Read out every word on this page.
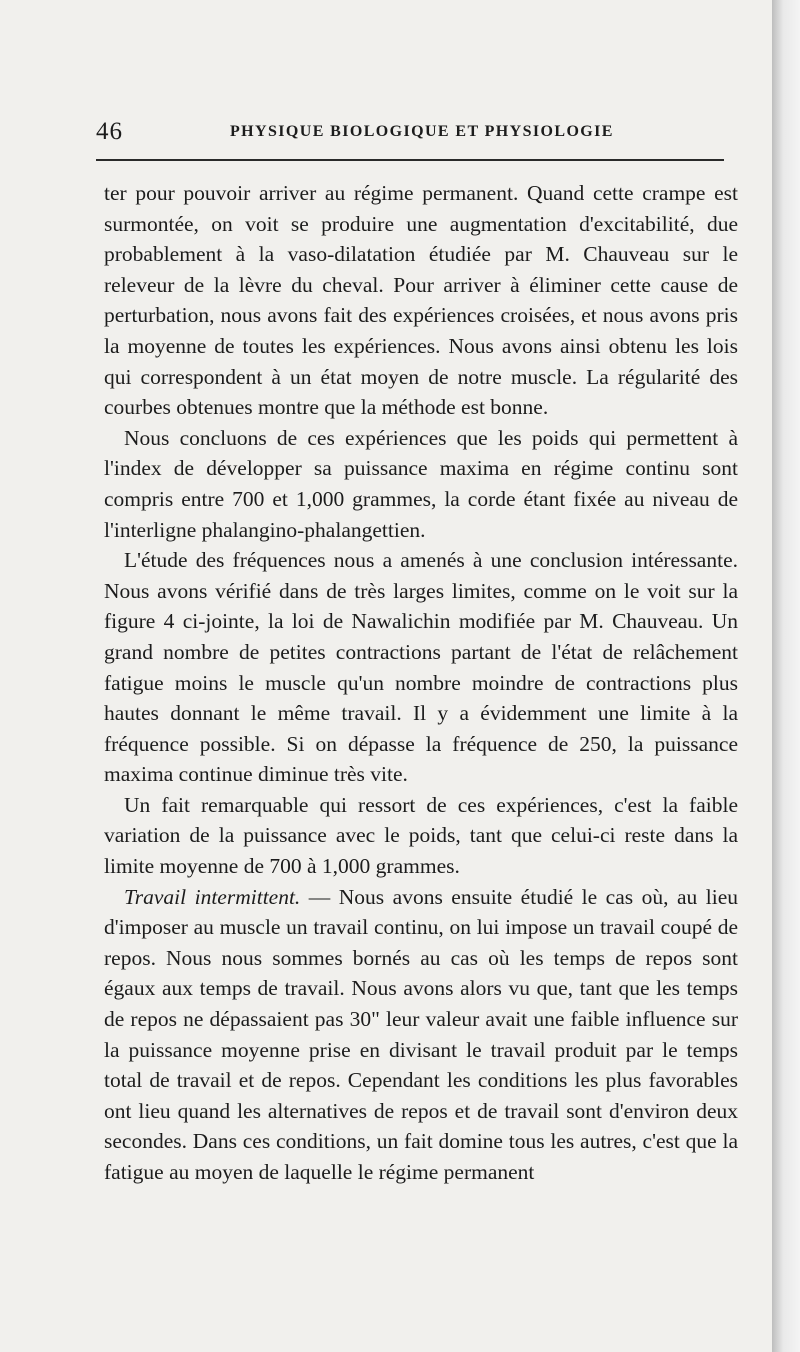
46	PHYSIQUE BIOLOGIQUE ET PHYSIOLOGIE

ter pour pouvoir arriver au régime permanent. Quand cette crampe est surmontée, on voit se produire une augmentation d'excitabilité, due probablement à la vaso-dilatation étudiée par M. Chauveau sur le releveur de la lèvre du cheval. Pour arriver à éliminer cette cause de perturbation, nous avons fait des expériences croisées, et nous avons pris la moyenne de toutes les expériences. Nous avons ainsi obtenu les lois qui correspondent à un état moyen de notre muscle. La régularité des courbes obtenues montre que la méthode est bonne.

Nous concluons de ces expériences que les poids qui permettent à l'index de développer sa puissance maxima en régime continu sont compris entre 700 et 1,000 grammes, la corde étant fixée au niveau de l'interligne phalangino-phalangettien.

L'étude des fréquences nous a amenés à une conclusion intéressante. Nous avons vérifié dans de très larges limites, comme on le voit sur la figure 4 ci-jointe, la loi de Nawalichin modifiée par M. Chauveau. Un grand nombre de petites contractions partant de l'état de relâchement fatigue moins le muscle qu'un nombre moindre de contractions plus hautes donnant le même travail. Il y a évidemment une limite à la fréquence possible. Si on dépasse la fréquence de 250, la puissance maxima continue diminue très vite.

Un fait remarquable qui ressort de ces expériences, c'est la faible variation de la puissance avec le poids, tant que celui-ci reste dans la limite moyenne de 700 à 1,000 grammes.

Travail intermittent. — Nous avons ensuite étudié le cas où, au lieu d'imposer au muscle un travail continu, on lui impose un travail coupé de repos. Nous nous sommes bornés au cas où les temps de repos sont égaux aux temps de travail. Nous avons alors vu que, tant que les temps de repos ne dépassaient pas 30" leur valeur avait une faible influence sur la puissance moyenne prise en divisant le travail produit par le temps total de travail et de repos. Cependant les conditions les plus favorables ont lieu quand les alternatives de repos et de travail sont d'environ deux secondes. Dans ces conditions, un fait domine tous les autres, c'est que la fatigue au moyen de laquelle le régime permanent
